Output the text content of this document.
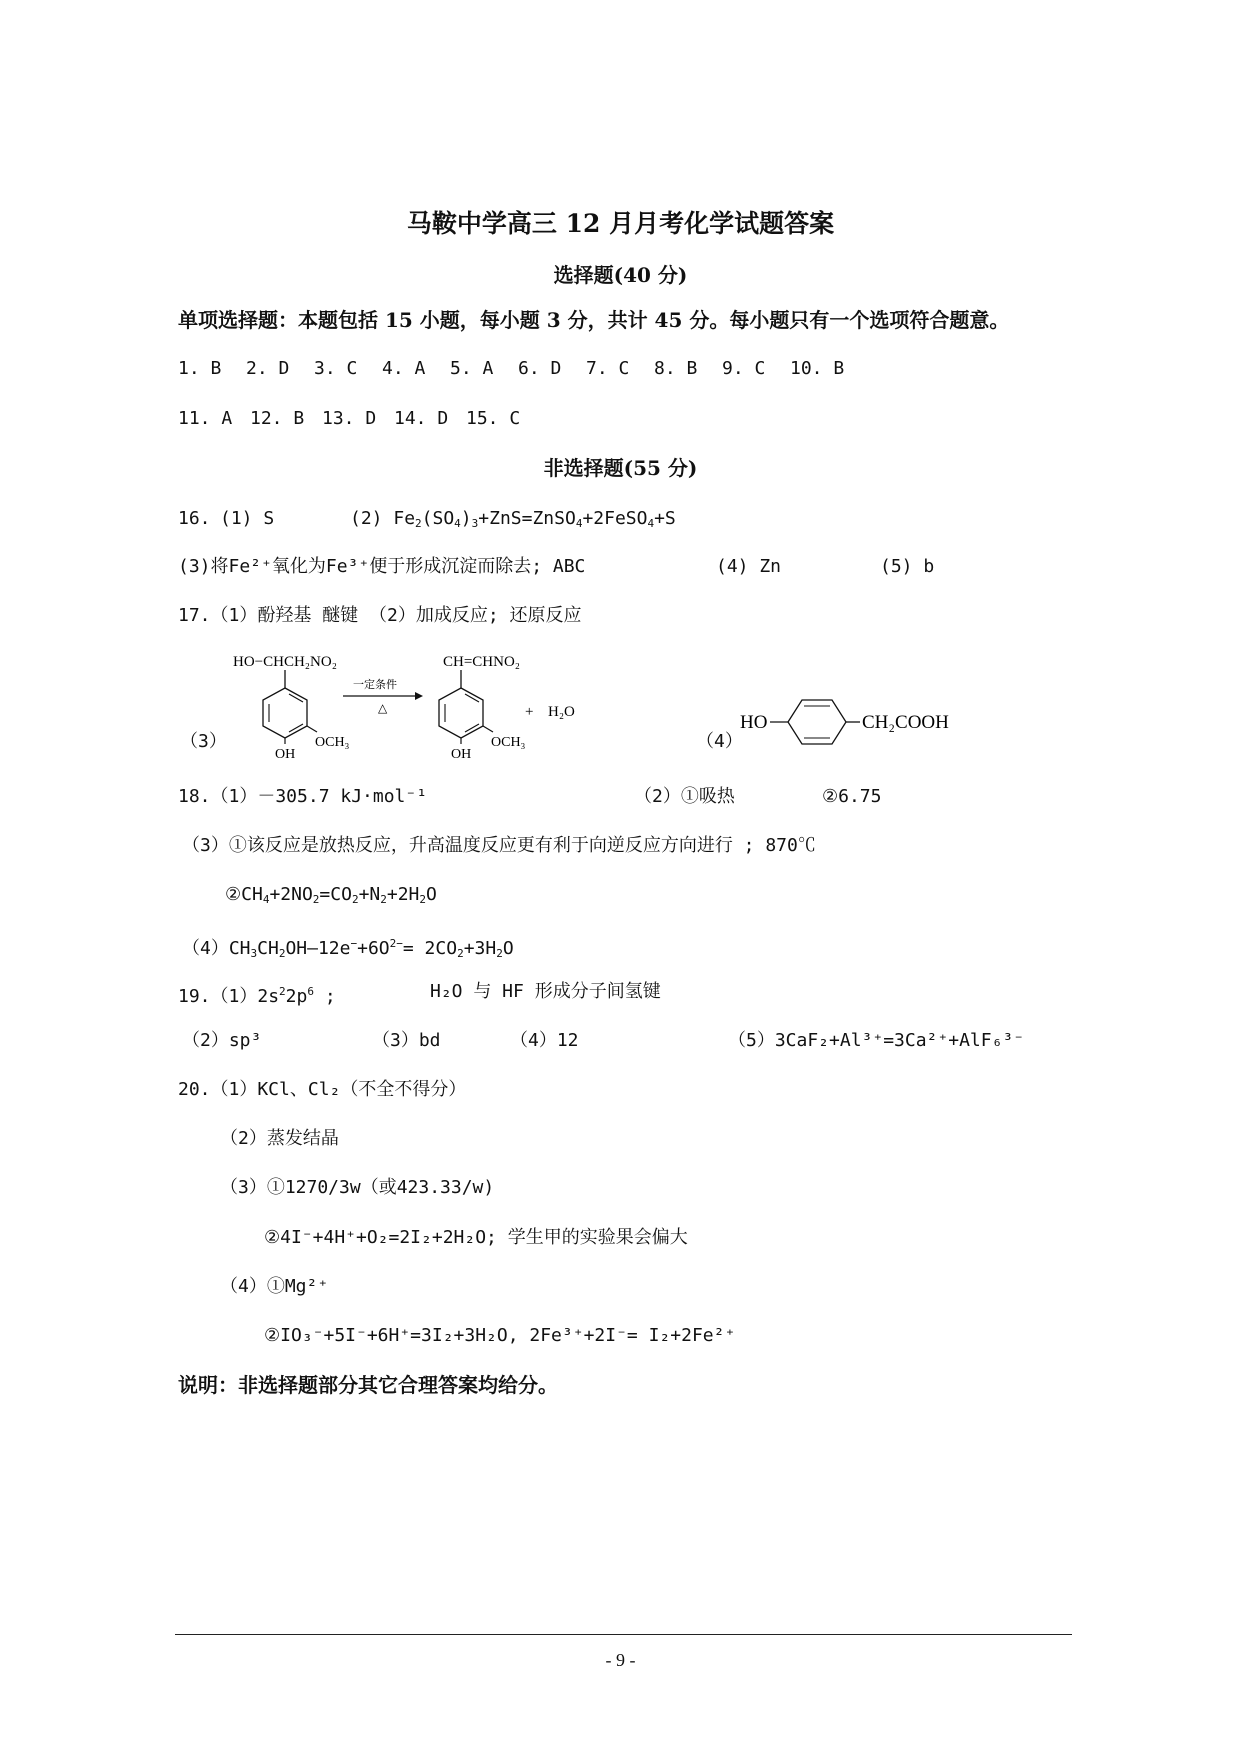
马鞍中学高三 12 月月考化学试题答案
选择题(40 分)
单项选择题：本题包括 15 小题，每小题 3 分，共计 45 分。每小题只有一个选项符合题意。
1. B 2. D 3. C 4. A 5. A 6. D 7. C 8. B 9. C 10. B
11. A 12. B 13. D 14. D 15. C
非选择题(55 分)
16. (1) S	(2) $Fe_2(SO_4)_3+ZnS=ZnSO_4+2FeSO_4+S$
(3)将Fe²⁺氧化为Fe³⁺便于形成沉淀而除去; ABC	(4) Zn	(5) b
17.（1）酚羟基 醚键 （2）加成反应; 还原反应
（3）
HO−CHCH₂NO₂
OCH₃
OH
一定条件
△
CH=CHNO₂
OCH₃
OH
+ H₂O
（4）
HO	CH₂COOH
18.（1）－305.7 kJ·mol⁻¹	（2）①吸热	②6.75
（3）①该反应是放热反应，升高温度反应更有利于向逆反应方向进行 ; 870℃
$②CH_4+2NO_2=CO_2+N_2+2H_2O$
$(4)CH_3CH_2OH—12e^-+6O^{2-}= 2CO_2+3H_2O$
$19.(1)2s^22p^6$ ;	H₂O 与 HF 形成分子间氢键
（2）sp³	（3）bd	（4）12	（5）3CaF₂+Al³⁺=3Ca²⁺+AlF₆³⁻
20.（1）KCl、Cl₂（不全不得分）
（2）蒸发结晶
（3）①1270/3w（或423.33/w)
②4I⁻+4H⁺+O₂=2I₂+2H₂O; 学生甲的实验果会偏大
（4）①Mg²⁺
②IO₃⁻+5I⁻+6H⁺=3I₂+3H₂O, 2Fe³⁺+2I⁻= I₂+2Fe²⁺
说明：非选择题部分其它合理答案均给分。
- 9 -
